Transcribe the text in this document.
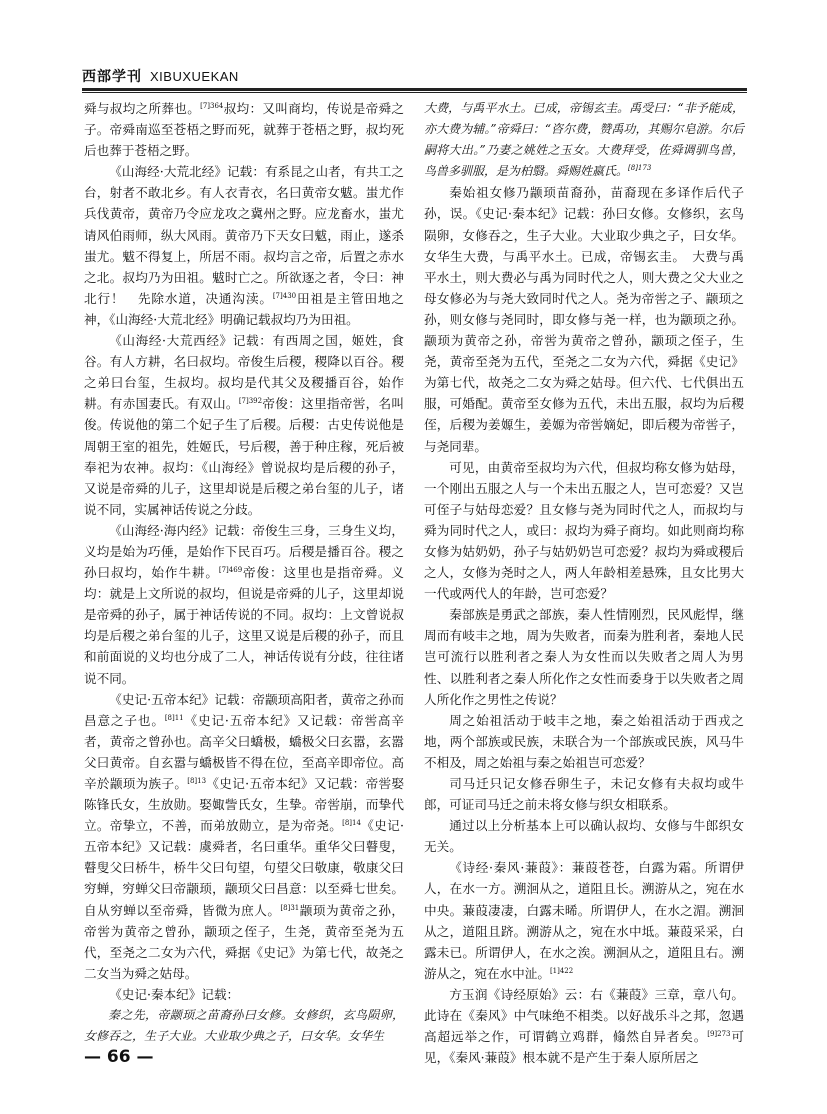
西部学刊 XIBUXUEKAN

舜与叔均之所葬也。$^{[7]364}$叔均：又叫商均，传说是帝舜之子。帝舜南巡至苍梧之野而死，就葬于苍梧之野，叔均死后也葬于苍梧之野。

《山海经·大荒北经》记载：有系昆之山者，有共工之台，射者不敢北乡。有人衣青衣，名曰黄帝女魃。蚩尤作兵伐黄帝，黄帝乃令应龙攻之冀州之野。应龙畜水，蚩尤请风伯雨师，纵大风雨。黄帝乃下天女曰魃，雨止，遂杀蚩尤。魃不得复上，所居不雨。叔均言之帝，后置之赤水之北。叔均乃为田祖。魃时亡之。所欲逐之者，令曰：神北行！　先除水道，决通沟渎。$^{[7]430}$田祖是主管田地之神，《山海经·大荒北经》明确记载叔均乃为田祖。

《山海经·大荒西经》记载：有西周之国，姬姓，食谷。有人方耕，名曰叔均。帝俊生后稷，稷降以百谷。稷之弟曰台玺，生叔均。叔均是代其父及稷播百谷，始作耕。有赤国妻氏。有双山。$^{[7]392}$帝俊：这里指帝喾，名叫俊。传说他的第二个妃子生了后稷。后稷：古史传说他是周朝王室的祖先，姓姬氏，号后稷，善于种庄稼，死后被奉祀为农神。叔均：《山海经》曾说叔均是后稷的孙子，又说是帝舜的儿子，这里却说是后稷之弟台玺的儿子，诸说不同，实属神话传说之分歧。

《山海经·海内经》记载：帝俊生三身，三身生义均，义均是始为巧倕，是始作下民百巧。后稷是播百谷。稷之孙曰叔均，始作牛耕。$^{[7]469}$帝俊：这里也是指帝舜。义均：就是上文所说的叔均，但说是帝舜的儿子，这里却说是帝舜的孙子，属于神话传说的不同。叔均：上文曾说叔均是后稷之弟台玺的儿子，这里又说是后稷的孙子，而且和前面说的义均也分成了二人，神话传说有分歧，往往诸说不同。

《史记·五帝本纪》记载：帝颛顼高阳者，黄帝之孙而昌意之子也。$^{[8]11}$《史记·五帝本纪》又记载：帝喾高辛者，黄帝之曾孙也。高辛父曰蟜极，蟜极父曰玄嚣，玄嚣父曰黄帝。自玄嚣与蟜极皆不得在位，至高辛即帝位。高辛於颛顼为族子。$^{[8]13}$《史记·五帝本纪》又记载：帝喾娶陈锋氏女，生放勋。娶娵訾氏女，生挚。帝喾崩，而挚代立。帝挚立，不善，而弟放勋立，是为帝尧。$^{[8]14}$《史记·五帝本纪》又记载：虞舜者，名曰重华。重华父曰瞽叟，瞽叟父曰桥牛，桥牛父曰句望，句望父曰敬康，敬康父曰穷蝉，穷蝉父曰帝颛顼，颛顼父曰昌意：以至舜七世矣。自从穷蝉以至帝舜，皆微为庶人。$^{[8]31}$颛顼为黄帝之孙，帝喾为黄帝之曾孙，颛顼之侄子，生尧，黄帝至尧为五代，至尧之二女为六代，舜据《史记》为第七代，故尧之二女当为舜之姑母。

《史记·秦本纪》记载：

秦之先，帝颛顼之苗裔孙曰女修。女修织，玄鸟陨卵，女修吞之，生子大业。大业取少典之子，曰女华。女华生

大费，与禹平水土。已成，帝锡玄圭。禹受曰：“非予能成，亦大费为辅。”帝舜曰：“咨尔费，赞禹功，其赐尔皂游。尔后嗣将大出。”乃妻之姚姓之玉女。大费拜受，佐舜调驯鸟兽，鸟兽多驯服，是为柏翳。舜赐姓嬴氏。$^{[8]173}$

秦始祖女修乃颛顼苗裔孙，苗裔现在多译作后代子孙，误。《史记·秦本纪》记载：孙曰女修。女修织，玄鸟陨卵，女修吞之，生子大业。大业取少典之子，曰女华。女华生大费，与禹平水土。已成，帝锡玄圭。　大费与禹平水土，则大费必与禹为同时代之人，则大费之父大业之母女修必为与尧大致同时代之人。尧为帝喾之子、颛顼之孙，则女修与尧同时，即女修与尧一样，也为颛顼之孙。颛顼为黄帝之孙，帝喾为黄帝之曾孙，颛顼之侄子，生尧，黄帝至尧为五代，至尧之二女为六代，舜据《史记》为第七代，故尧之二女为舜之姑母。但六代、七代俱出五服，可婚配。黄帝至女修为五代，未出五服，叔均为后稷侄，后稷为姜嫄生，姜嫄为帝喾嫡妃，即后稷为帝喾子，与尧同辈。

可见，由黄帝至叔均为六代，但叔均称女修为姑母，一个刚出五服之人与一个未出五服之人，岂可恋爱？又岂可侄子与姑母恋爱？且女修与尧为同时代之人，而叔均与舜为同时代之人，或曰：叔均为舜子商均。如此则商均称女修为姑奶奶，孙子与姑奶奶岂可恋爱？叔均为舜或稷后之人，女修为尧时之人，两人年龄相差悬殊，且女比男大一代或两代人的年龄，岂可恋爱？

秦部族是勇武之部族，秦人性情刚烈，民风彪悍，继周而有岐丰之地，周为失败者，而秦为胜利者，秦地人民岂可流行以胜利者之秦人为女性而以失败者之周人为男性、以胜利者之秦人所化作之女性而委身于以失败者之周人所化作之男性之传说？

周之始祖活动于岐丰之地，秦之始祖活动于西戎之地，两个部族或民族，未联合为一个部族或民族，风马牛不相及，周之始祖与秦之始祖岂可恋爱？

司马迁只记女修吞卵生子，未记女修有夫叔均或牛郎，可证司马迁之前未将女修与织女相联系。

通过以上分析基本上可以确认叔均、女修与牛郎织女无关。

《诗经·秦风·蒹葭》：蒹葭苍苍，白露为霜。所谓伊人，在水一方。溯洄从之，道阻且长。溯游从之，宛在水中央。蒹葭凄凄，白露未晞。所谓伊人，在水之湄。溯洄从之，道阻且跻。溯游从之，宛在水中坻。蒹葭采采，白露未已。所谓伊人，在水之涘。溯洄从之，道阻且右。溯游从之，宛在水中沚。$^{[1]422}$

方玉润《诗经原始》云：右《蒹葭》三章，章八句。此诗在《秦风》中气味绝不相类。以好战乐斗之邦，忽遇高超远举之作，可谓鹤立鸡群，翛然自异者矣。$^{[9]273}$可见，《秦风·蒹葭》根本就不是产生于秦人原所居之

— 66 —
